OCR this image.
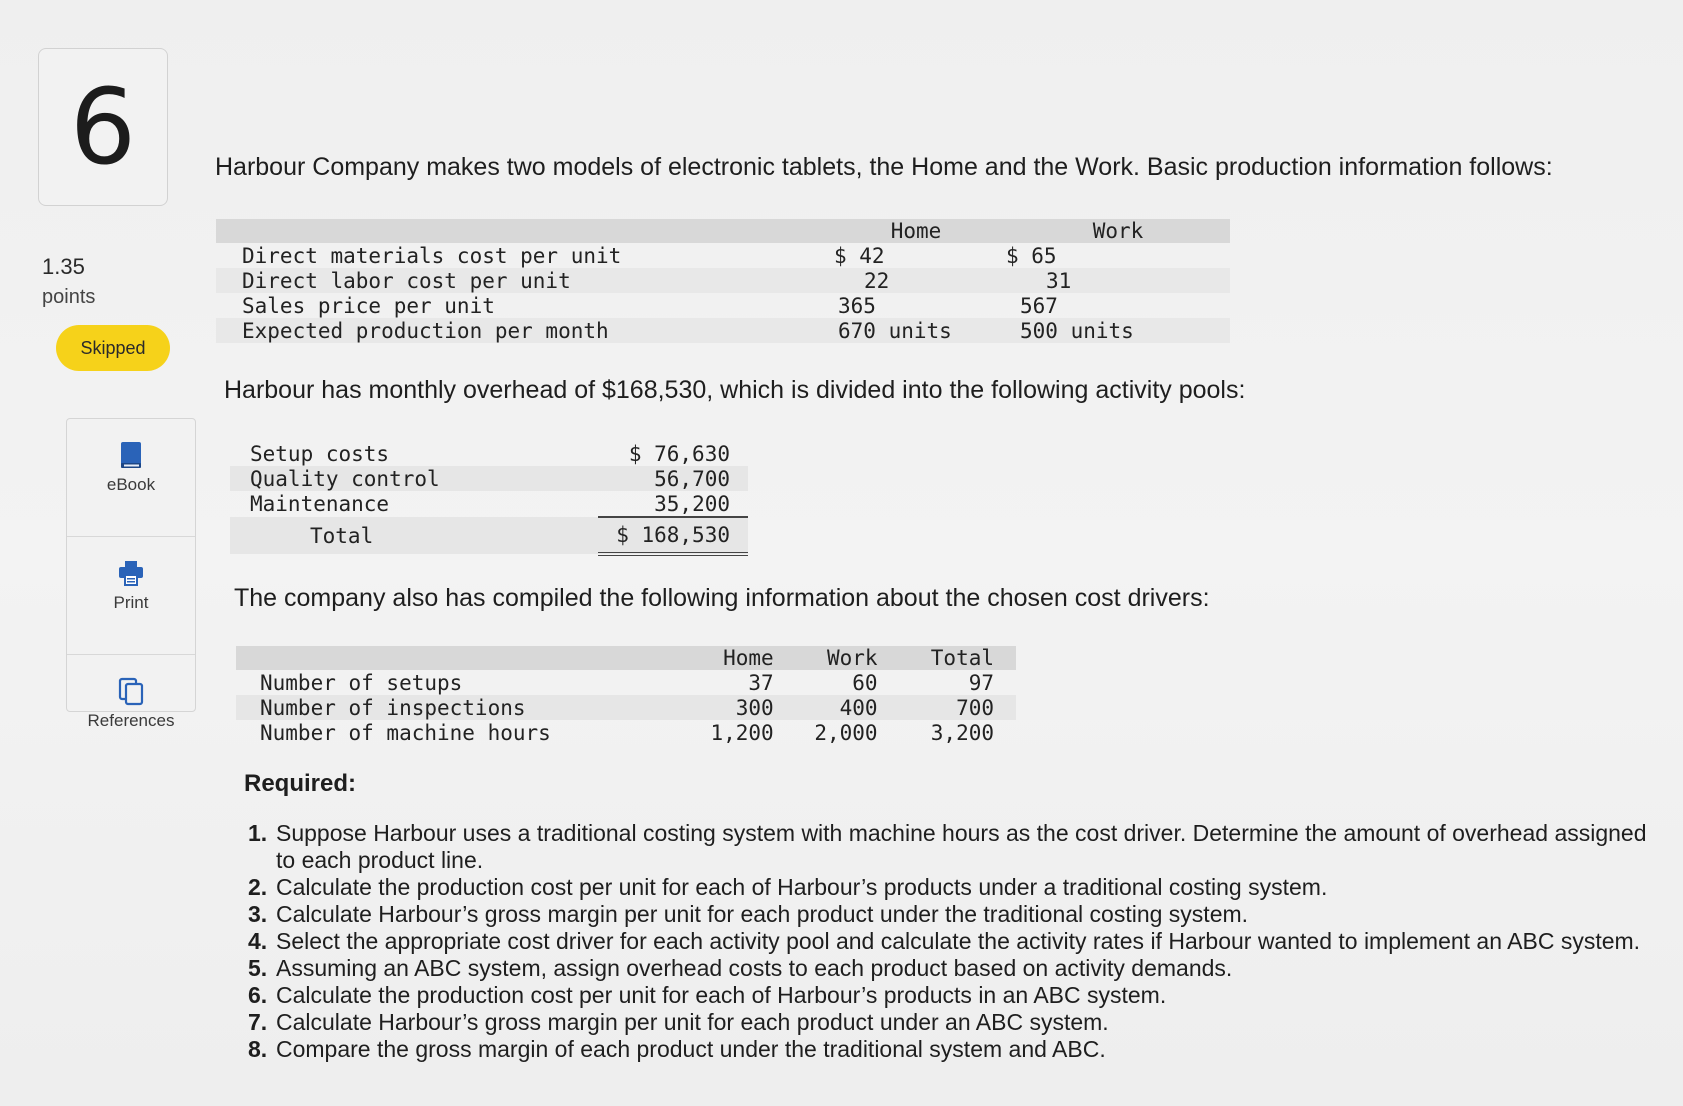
6
1.35
points
Skipped
eBook
Print
References
Harbour Company makes two models of electronic tablets, the Home and the Work. Basic production information follows:
	Home	Work
Direct materials cost per unit	$ 42	$ 65
Direct labor cost per unit	22	31
Sales price per unit	365	567
Expected production per month	670 units	500 units
Harbour has monthly overhead of $168,530, which is divided into the following activity pools:
Setup costs	$ 76,630
Quality control	56,700
Maintenance	35,200
Total	$ 168,530
The company also has compiled the following information about the chosen cost drivers:
	Home	Work	Total
Number of setups	37	60	97
Number of inspections	300	400	700
Number of machine hours	1,200	2,000	3,200
Required:
1. Suppose Harbour uses a traditional costing system with machine hours as the cost driver. Determine the amount of overhead assigned to each product line.
2. Calculate the production cost per unit for each of Harbour’s products under a traditional costing system.
3. Calculate Harbour’s gross margin per unit for each product under the traditional costing system.
4. Select the appropriate cost driver for each activity pool and calculate the activity rates if Harbour wanted to implement an ABC system.
5. Assuming an ABC system, assign overhead costs to each product based on activity demands.
6. Calculate the production cost per unit for each of Harbour’s products in an ABC system.
7. Calculate Harbour’s gross margin per unit for each product under an ABC system.
8. Compare the gross margin of each product under the traditional system and ABC.
